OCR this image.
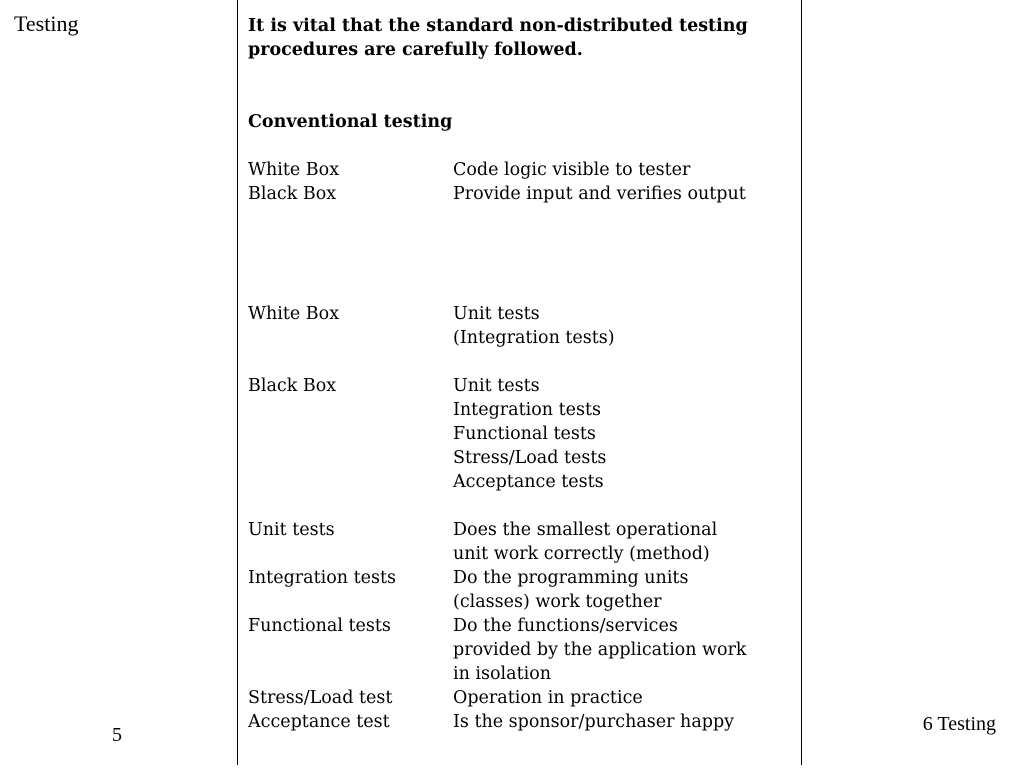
Testing	It is vital that the standard non-distributed testing procedures are carefully followed.

Conventional testing
White Box	Code logic visible to tester
Black Box	Provide input and verifies output
White Box	Unit tests
(Integration tests)
Black Box	Unit tests
Integration tests
Functional tests
Stress/Load tests
Acceptance tests
Unit tests	Does the smallest operational
unit work correctly (method)
Integration tests	Do the programming units
(classes) work together
Functional tests	Do the functions/services
provided by the application work
in isolation
Stress/Load test	Operation in practice
Acceptance test	Is the sponsor/purchaser happy
5	6 Testing
